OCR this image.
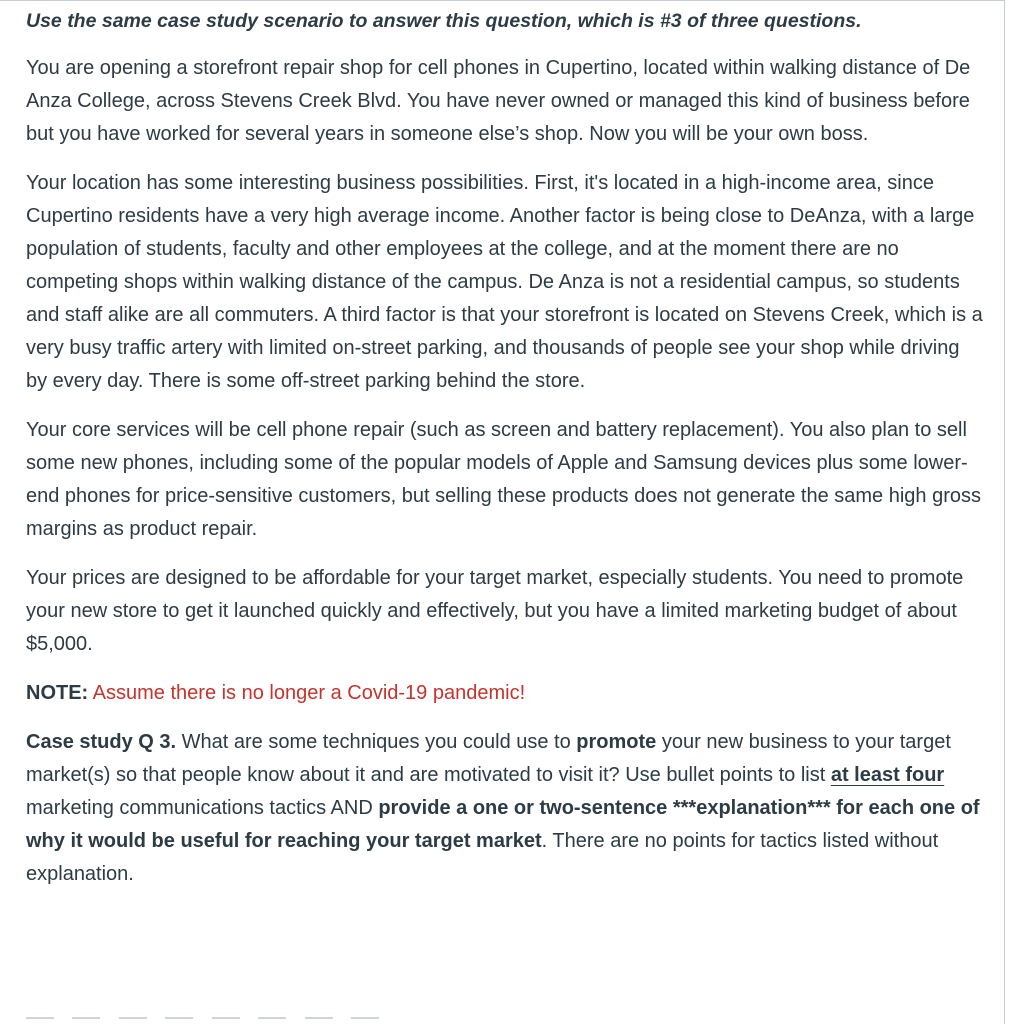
Use the same case study scenario to answer this question, which is #3 of three questions.

You are opening a storefront repair shop for cell phones in Cupertino, located within walking distance of De Anza College, across Stevens Creek Blvd. You have never owned or managed this kind of business before but you have worked for several years in someone else’s shop. Now you will be your own boss.

Your location has some interesting business possibilities. First, it's located in a high-income area, since Cupertino residents have a very high average income. Another factor is being close to DeAnza, with a large population of students, faculty and other employees at the college, and at the moment there are no competing shops within walking distance of the campus. De Anza is not a residential campus, so students and staff alike are all commuters. A third factor is that your storefront is located on Stevens Creek, which is a very busy traffic artery with limited on-street parking, and thousands of people see your shop while driving by every day. There is some off-street parking behind the store.

Your core services will be cell phone repair (such as screen and battery replacement). You also plan to sell some new phones, including some of the popular models of Apple and Samsung devices plus some lower-end phones for price-sensitive customers, but selling these products does not generate the same high gross margins as product repair.

Your prices are designed to be affordable for your target market, especially students. You need to promote your new store to get it launched quickly and effectively, but you have a limited marketing budget of about $5,000.

NOTE: Assume there is no longer a Covid-19 pandemic!

Case study Q 3. What are some techniques you could use to promote your new business to your target market(s) so that people know about it and are motivated to visit it? Use bullet points to list at least four marketing communications tactics AND provide a one or two-sentence ***explanation*** for each one of why it would be useful for reaching your target market. There are no points for tactics listed without explanation.
